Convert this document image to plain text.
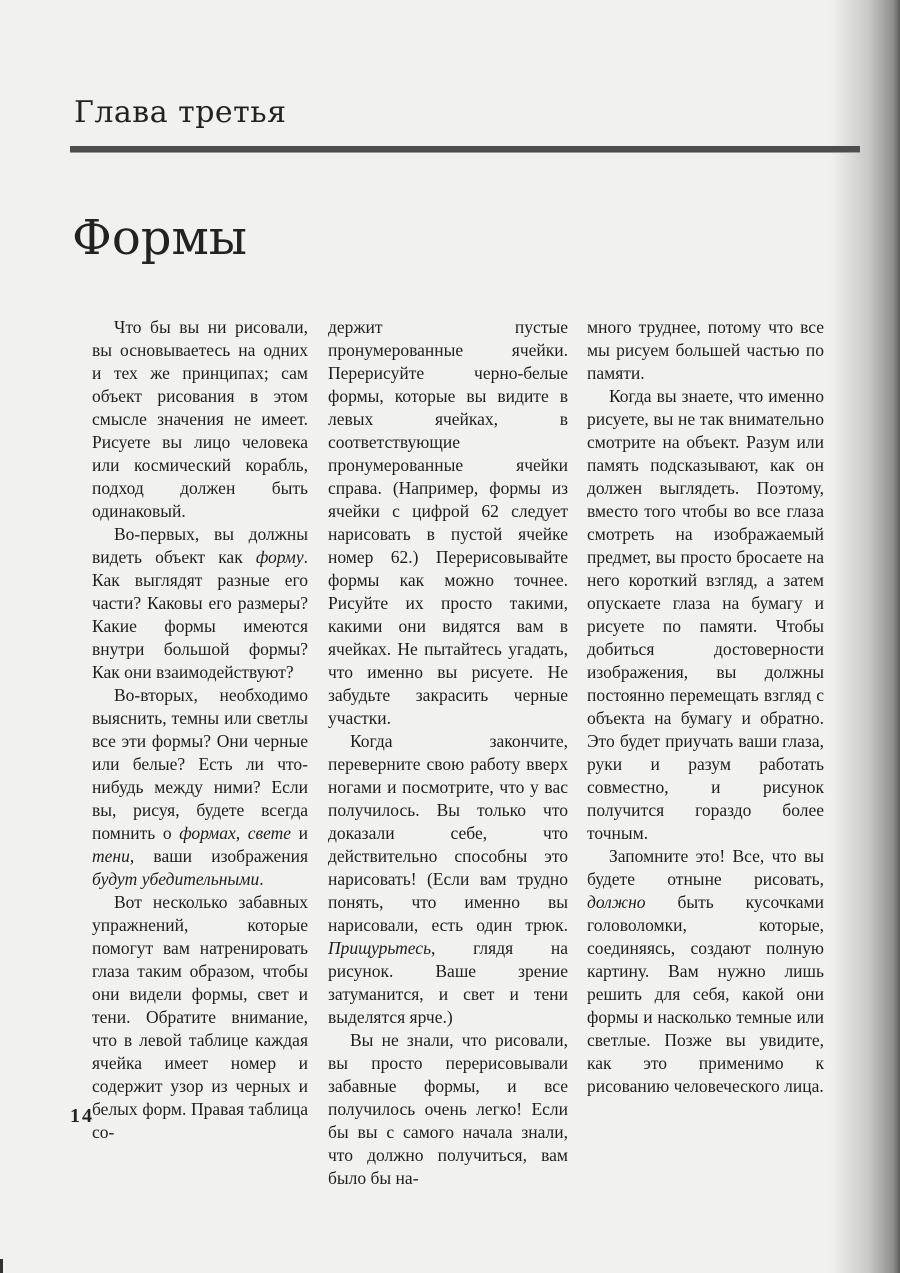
Глава третья
Формы

Что бы вы ни рисовали, вы основываетесь на одних и тех же принципах; сам объект рисования в этом смысле значения не имеет. Рисуете вы лицо человека или космический корабль, подход должен быть одинаковый.

Во-первых, вы должны видеть объект как форму. Как выглядят разные его части? Каковы его размеры? Какие формы имеются внутри большой формы? Как они взаимодействуют?

Во-вторых, необходимо выяснить, темны или светлы все эти формы? Они черные или белые? Есть ли что-нибудь между ними? Если вы, рисуя, будете всегда помнить о формах, свете и тени, ваши изображения будут убедительными.

Вот несколько забавных упражнений, которые помогут вам натренировать глаза таким образом, чтобы они видели формы, свет и тени. Обратите внимание, что в левой таблице каждая ячейка имеет номер и содержит узор из черных и белых форм. Правая таблица со-

держит пустые пронумерованные ячейки. Перерисуйте черно-белые формы, которые вы видите в левых ячейках, в соответствующие пронумерованные ячейки справа. (Например, формы из ячейки с цифрой 62 следует нарисовать в пустой ячейке номер 62.) Перерисовывайте формы как можно точнее. Рисуйте их просто такими, какими они видятся вам в ячейках. Не пытайтесь угадать, что именно вы рисуете. Не забудьте закрасить черные участки.

Когда закончите, переверните свою работу вверх ногами и посмотрите, что у вас получилось. Вы только что доказали себе, что действительно способны это нарисовать! (Если вам трудно понять, что именно вы нарисовали, есть один трюк. Прищурьтесь, глядя на рисунок. Ваше зрение затуманится, и свет и тени выделятся ярче.)

Вы не знали, что рисовали, вы просто перерисовывали забавные формы, и все получилось очень легко! Если бы вы с самого начала знали, что должно получиться, вам было бы на-

много труднее, потому что все мы рисуем большей частью по памяти.

Когда вы знаете, что именно рисуете, вы не так внимательно смотрите на объект. Разум или память подсказывают, как он должен выглядеть. Поэтому, вместо того чтобы во все глаза смотреть на изображаемый предмет, вы просто бросаете на него короткий взгляд, а затем опускаете глаза на бумагу и рисуете по памяти. Чтобы добиться достоверности изображения, вы должны постоянно перемещать взгляд с объекта на бумагу и обратно. Это будет приучать ваши глаза, руки и разум работать совместно, и рисунок получится гораздо более точным.

Запомните это! Все, что вы будете отныне рисовать, должно быть кусочками головоломки, которые, соединяясь, создают полную картину. Вам нужно лишь решить для себя, какой они формы и насколько темные или светлые. Позже вы увидите, как это применимо к рисованию человеческого лица.

14
